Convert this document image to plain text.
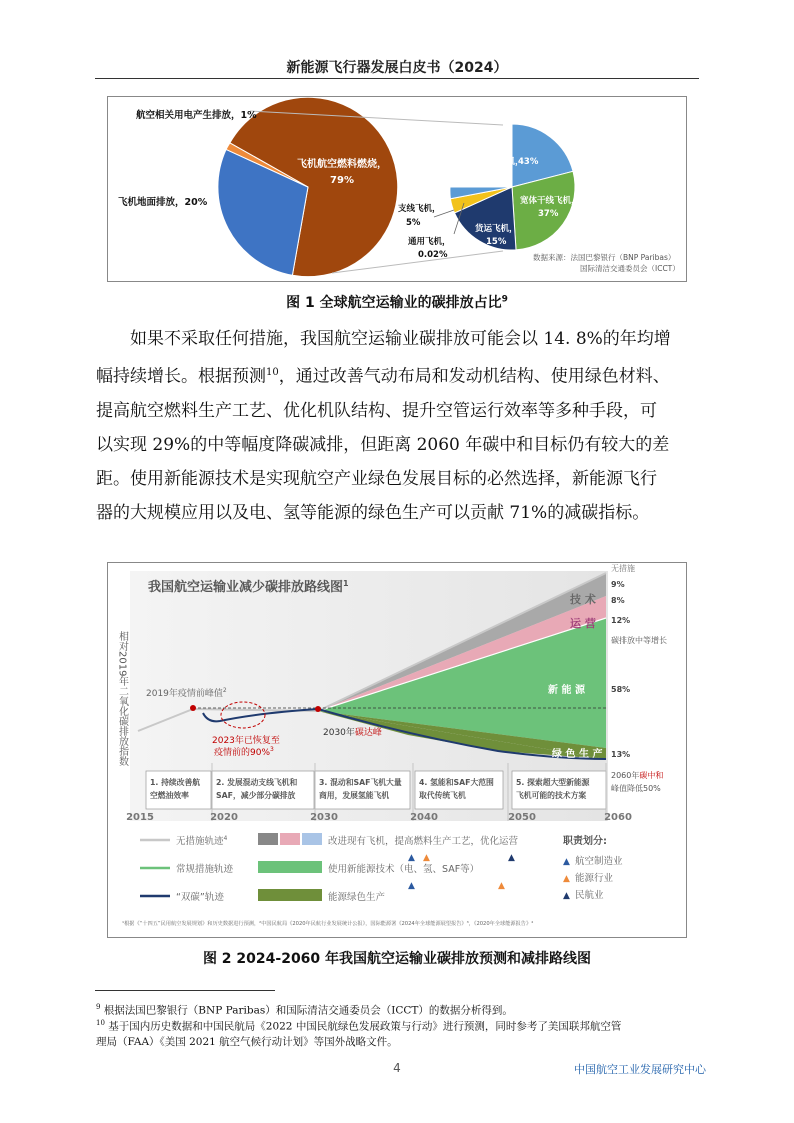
新能源飞行器发展白皮书（2024）
航空相关用电产生排放，1%
飞机地面排放，20%
飞机航空燃料燃烧，
79%
窄体干线飞机，
43%
宽体干线飞机，
37%
货运飞机，
15%
支线飞机，
5%
通用飞机，
0.02%	数据来源：法国巴黎银行（BNP Paribas）
国际清洁交通委员会（ICCT）
图 1 全球航空运输业的碳排放占比$^9$
如果不采取任何措施，我国航空运输业碳排放可能会以 14. 8%的年均增
幅持续增长。根据预测$^{10}$，通过改善气动布局和发动机结构、使用绿色材料、
提高航空燃料生产工艺、优化机队结构、提升空管运行效率等多种手段，可
以实现 29%的中等幅度降碳减排，但距离 2060 年碳中和目标仍有较大的差
距。使用新能源技术是实现航空产业绿色发展目标的必然选择，新能源飞行
器的大规模应用以及电、氢等能源的绿色生产可以贡献 71%的减碳指标。
我国航空运输业减少碳排放路线图$^1$
相对2019年二氧化碳排放指数 2019年疫情前峰值$^2$
2023年已恢复至
疫情前的90%$^3$
2030年碳达峰
技 术
运 营
新 能 源
绿 色 生 产
无措施
9%
8%
12%
碳排放中等增长
58%
13%
2060年碳中和
峰值降低50%
1. 持续改善航
空燃油效率
2. 发展混动支线飞机和
SAF，减少部分碳排放
3. 混动和SAF飞机大量
商用，发展氢能飞机
4. 氢能和SAF大范围
取代传统飞机
5. 探索超大型新能源
飞机可能的技术方案
2015	2020	2030	2040	2050	2060
无措施轨迹$^4$
常规措施轨迹
“双碳”轨迹
改进现有飞机，提高燃料生产工艺，优化运营
使用新能源技术（电、氢、SAF等）
能源绿色生产
▲ ▲	▲
▲	▲
职责划分:
▲ 航空制造业
▲ 能源行业
▲ 民航业
¹根据《“十四五”民用航空发展规划》和历史数据进行预测，²中国民航局《2020年民航行业发展统计公报》，国际能源署《2024年全球能源展望报告》³，《2020年全球能源报告》⁴
图 2 2024-2060 年我国航空运输业碳排放预测和减排路线图
$^9$ 根据法国巴黎银行（BNP Paribas）和国际清洁交通委员会（ICCT）的数据分析得到。
$^{10}$ 基于国内历史数据和中国民航局《2022 中国民航绿色发展政策与行动》进行预测，同时参考了美国联邦航空管
理局（FAA）《美国 2021 航空气候行动计划》等国外战略文件。
4	中国航空工业发展研究中心
